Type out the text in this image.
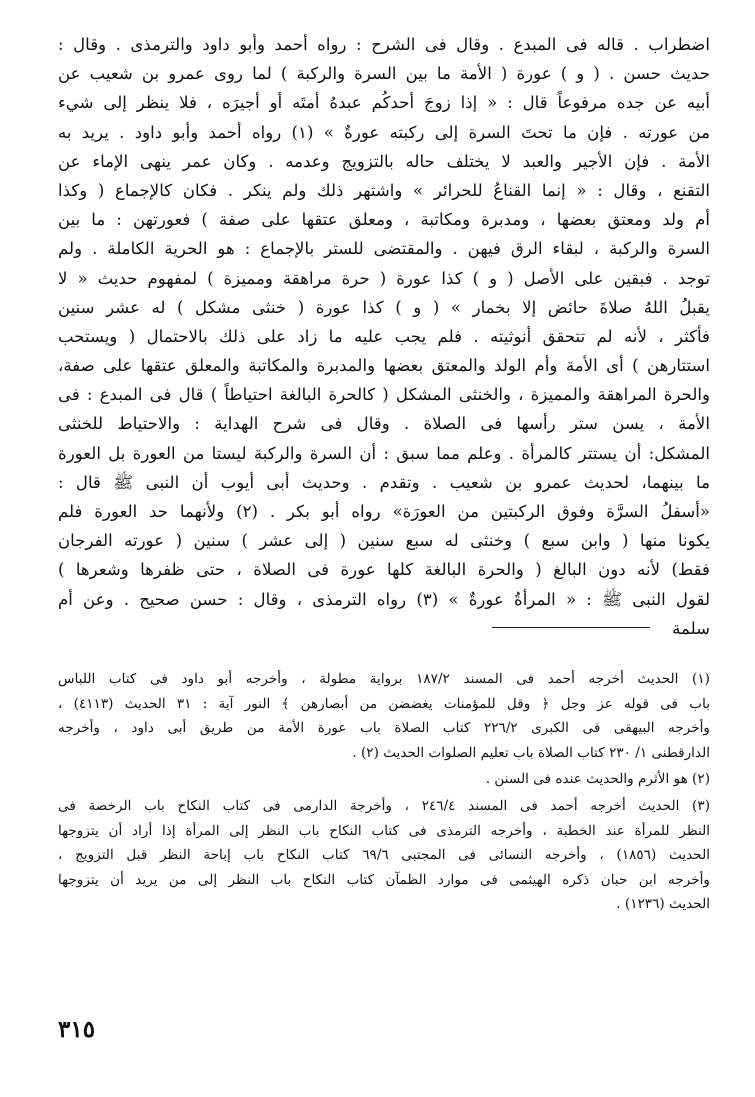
اضطراب . قاله فى المبدع . وقال فى الشرح : رواه أحمد وأبو داود والترمذى . وقال :
حديث حسن . ( و ) عورة ( الأمة ما بين السرة والركبة ) لما روى عمرو بن شعيب عن
أبيه عن جده مرفوعاً قال : « إذا زوجَ أحدكُم عبدهُ أمتَه أو أجيرَه ، فلا ينظر إلى شيء
من عورته . فإن ما تحتَ السرة إلى ركبته عورةٌ » (١) رواه أحمد وأبو داود . يريد به
الأمة . فإن الأجير والعبد لا يختلف حاله بالتزويج وعدمه . وكان عمر ينهى الإماء عن
التقنع ، وقال : « إنما القناعُ للحرائر » واشتهر ذلك ولم ينكر . فكان كالإجماع ( وكذا
أم ولد ومعتق بعضها ، ومدبرة ومكاتبة ، ومعلق عتقها على صفة ) فعورتهن : ما بين
السرة والركبة ، لبقاء الرق فيهن . والمقتضى للستر بالإجماع : هو الحرية الكاملة . ولم
توجد . فبقين على الأصل ( و ) كذا عورة ( حرة مراهقة ومميزة ) لمفهوم حديث « لا
يقبلُ اللهُ صلاةَ حائض إلا بخمار » ( و ) كذا عورة ( خنثى مشكل ) له عشر سنين
فأكثر ، لأنه لم تتحقق أنوثيته . فلم يجب عليه ما زاد على ذلك بالاحتمال ( ويستحب
استتارهن ) أى الأمة وأم الولد والمعتق بعضها والمدبرة والمكاتبة والمعلق عتقها على صفة،
والحرة المراهقة والمميزة ، والخنثى المشكل ( كالحرة البالغة احتياطاً ) قال فى المبدع : فى
الأمة ، يسن ستر رأسها فى الصلاة . وقال فى شرح الهداية : والاحتياط للخنثى
المشكل: أن يستتر كالمرأة . وعلم مما سبق : أن السرة والركبة ليستا من العورة بل العورة
ما بينهما، لحديث عمرو بن شعيب . وتقدم . وحديث أبى أيوب أن النبى ﷺ قال :
«أسفلُ السرَّة وفوق الركبتين من العورَة» رواه أبو بكر . (٢) ولأنهما حد العورة فلم
يكونا منها ( وابن سبع ) وخنثى له سبع سنين ( إلى عشر ) سنين ( عورته الفرجان
فقط) لأنه دون البالغ ( والحرة البالغة كلها عورة فى الصلاة ، حتى ظفرها وشعرها )
لقول النبى ﷺ : « المرأةُ عورةٌ » (٣) رواه الترمذى ، وقال : حسن صحيح . وعن أم
سلمة
(١) الحديث أخرجه أحمد فى المسند ١٨٧/٢ برواية مطولة ، وأخرجه أبو داود فى كتاب اللباس
باب فى قوله عز وجل ﴿ وقل للمؤمنات يغضضن من أبصارهن ﴾ النور آية : ٣١ الحديث (٤١١٣) ،
وأخرجه البيهقى فى الكبرى ٢٢٦/٢ كتاب الصلاة باب عورة الأمة من طريق أبى داود ، وأخرجه
الدارقطنى ١/ ٢٣٠ كتاب الصلاة باب تعليم الصلوات الحديث (٢) .
(٢) هو الأثرم والحديث عنده فى السنن .
(٣) الحديث أخرجه أحمد فى المسند ٢٤٦/٤ ، وأخرجة الدارمى فى كتاب النكاح باب الرخصة فى
النظر للمرأة عند الخطبة ، وأخرجه الترمذى فى كتاب النكاح باب النظر إلى المرأة إذا أراد أن يتزوجها
الحديث (١٨٥٦) ، وأخرجه النسائى فى المجتبى ٦٩/٦ كتاب النكاح باب إباحة النظر قبل التزويج ،
وأخرجه ابن حبان ذكره الهيثمى فى موارد الظمآن كتاب النكاح باب النظر إلى من يريد أن يتزوجها
الحديث (١٢٣٦) .
٣١٥
